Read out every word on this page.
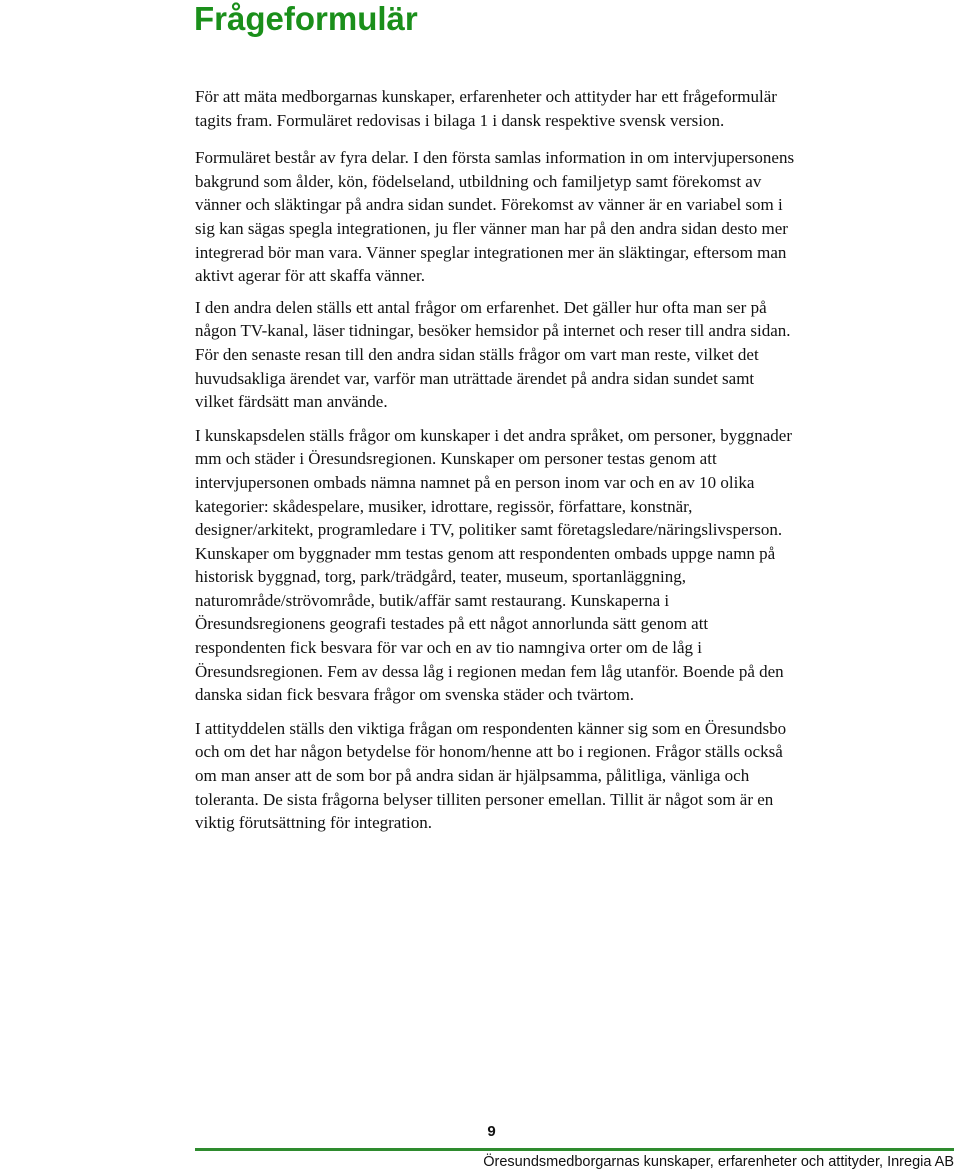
Frågeformulär

För att mäta medborgarnas kunskaper, erfarenheter och attityder har ett frågeformulär tagits fram. Formuläret redovisas i bilaga 1 i dansk respektive svensk version.

Formuläret består av fyra delar. I den första samlas information in om intervjupersonens bakgrund som ålder, kön, födelseland, utbildning och familjetyp samt förekomst av vänner och släktingar på andra sidan sundet. Förekomst av vänner är en variabel som i sig kan sägas spegla integrationen, ju fler vänner man har på den andra sidan desto mer integrerad bör man vara. Vänner speglar integrationen mer än släktingar, eftersom man aktivt agerar för att skaffa vänner.

I den andra delen ställs ett antal frågor om erfarenhet. Det gäller hur ofta man ser på någon TV-kanal, läser tidningar, besöker hemsidor på internet och reser till andra sidan. För den senaste resan till den andra sidan ställs frågor om vart man reste, vilket det huvudsakliga ärendet var, varför man uträttade ärendet på andra sidan sundet samt vilket färdsätt man använde.

I kunskapsdelen ställs frågor om kunskaper i det andra språket, om personer, byggnader mm och städer i Öresundsregionen. Kunskaper om personer testas genom att intervjupersonen ombads nämna namnet på en person inom var och en av 10 olika kategorier: skådespelare, musiker, idrottare, regissör, författare, konstnär, designer/arkitekt, programledare i TV, politiker samt företagsledare/näringslivsperson. Kunskaper om byggnader mm testas genom att respondenten ombads uppge namn på historisk byggnad, torg, park/trädgård, teater, museum, sportanläggning, naturområde/strövområde, butik/affär samt restaurang. Kunskaperna i Öresundsregionens geografi testades på ett något annorlunda sätt genom att respondenten fick besvara för var och en av tio namngiva orter om de låg i Öresundsregionen. Fem av dessa låg i regionen medan fem låg utanför. Boende på den danska sidan fick besvara frågor om svenska städer och tvärtom.

I attityddelen ställs den viktiga frågan om respondenten känner sig som en Öresundsbo och om det har någon betydelse för honom/henne att bo i regionen. Frågor ställs också om man anser att de som bor på andra sidan är hjälpsamma, pålitliga, vänliga och toleranta. De sista frågorna belyser tilliten personer emellan. Tillit är något som är en viktig förutsättning för integration.

9
Öresundsmedborgarnas kunskaper, erfarenheter och attityder, Inregia AB
